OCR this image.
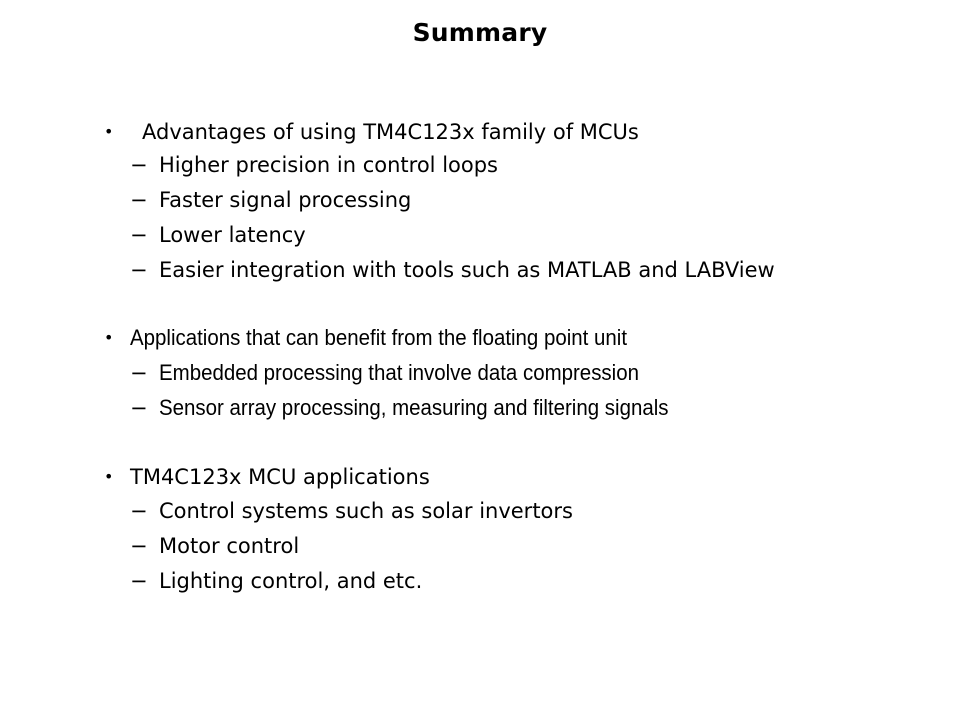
Summary
• Advantages of using TM4C123x family of MCUs
− Higher precision in control loops
− Faster signal processing
− Lower latency
− Easier integration with tools such as MATLAB and LABView
• Applications that can benefit from the floating point unit
− Embedded processing that involve data compression
− Sensor array processing, measuring and filtering signals
• TM4C123x MCU applications
− Control systems such as solar invertors
− Motor control
− Lighting control, and etc.
